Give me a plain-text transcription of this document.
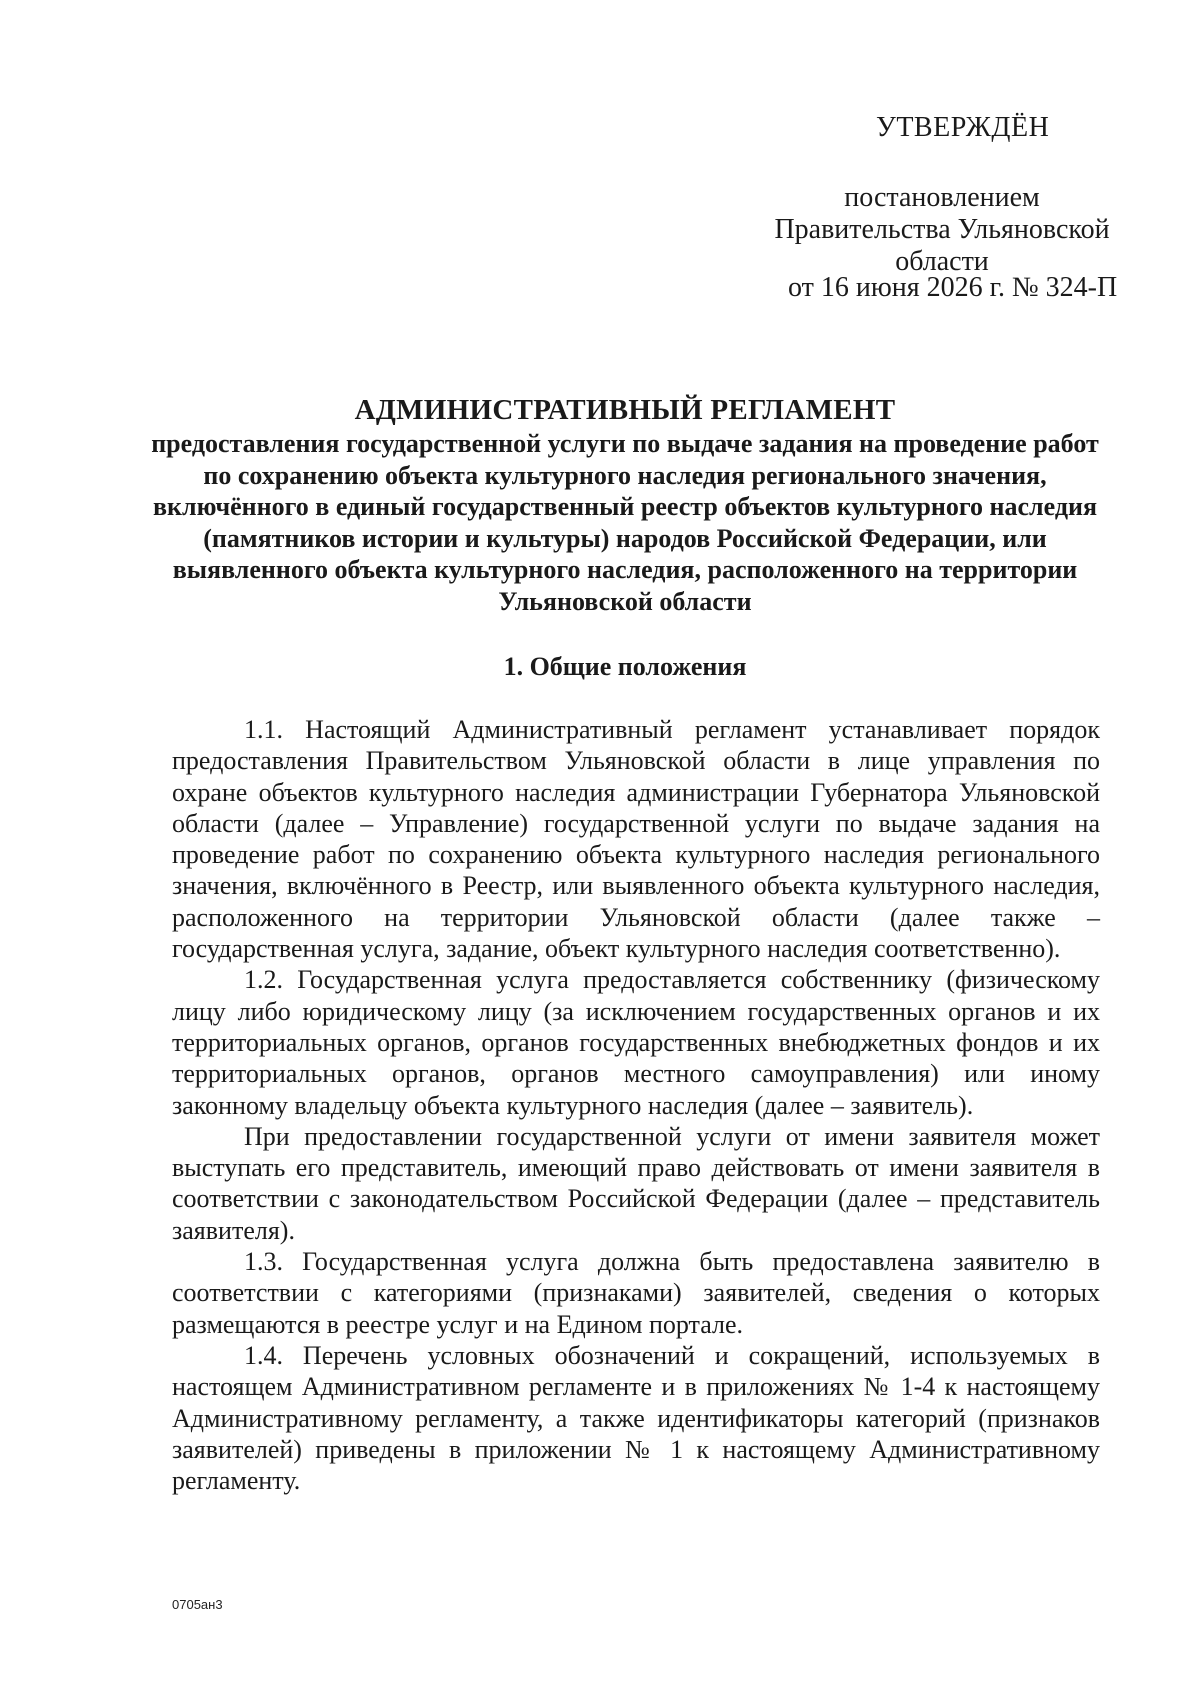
УТВЕРЖДЁН
постановлением Правительства Ульяновской области
от 16 июня 2026 г. № 324-П
АДМИНИСТРАТИВНЫЙ РЕГЛАМЕНТ
предоставления государственной услуги по выдаче задания на проведение работ по сохранению объекта культурного наследия регионального значения, включённого в единый государственный реестр объектов культурного наследия (памятников истории и культуры) народов Российской Федерации, или выявленного объекта культурного наследия, расположенного на территории Ульяновской области
1. Общие положения

1.1. Настоящий Административный регламент устанавливает порядок предоставления Правительством Ульяновской области в лице управления по охране объектов культурного наследия администрации Губернатора Ульяновской области (далее – Управление) государственной услуги по выдаче задания на проведение работ по сохранению объекта культурного наследия регионального значения, включённого в Реестр, или выявленного объекта культурного наследия, расположенного на территории Ульяновской области (далее также – государственная услуга, задание, объект культурного наследия соответственно).

1.2. Государственная услуга предоставляется собственнику (физическому лицу либо юридическому лицу (за исключением государственных органов и их территориальных органов, органов государственных внебюджетных фондов и их территориальных органов, органов местного самоуправления) или иному законному владельцу объекта культурного наследия (далее – заявитель).

При предоставлении государственной услуги от имени заявителя может выступать его представитель, имеющий право действовать от имени заявителя в соответствии с законодательством Российской Федерации (далее – представитель заявителя).

1.3. Государственная услуга должна быть предоставлена заявителю в соответствии с категориями (признаками) заявителей, сведения о которых размещаются в реестре услуг и на Едином портале.

1.4. Перечень условных обозначений и сокращений, используемых в настоящем Административном регламенте и в приложениях № 1-4 к настоящему Административному регламенту, а также идентификаторы категорий (признаков заявителей) приведены в приложении № 1 к настоящему Административному регламенту.

0705ан3
